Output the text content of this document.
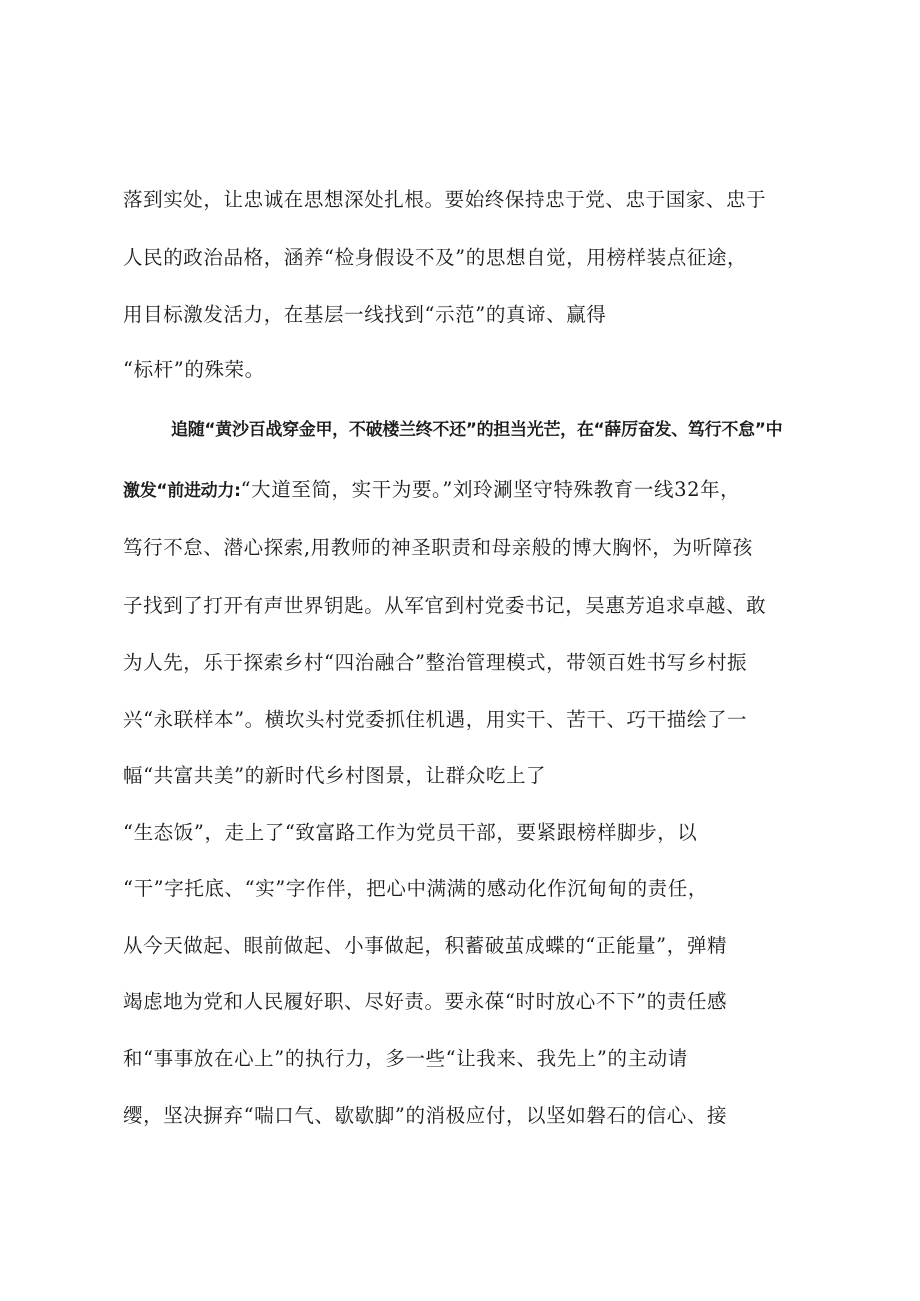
落到实处，让忠诚在思想深处扎根。要始终保持忠于党、忠于国家、忠于
人民的政治品格，涵养“检身假设不及”的思想自觉，用榜样装点征途，
用目标激发活力，在基层一线找到“示范”的真谛、赢得
“标杆”的殊荣。
追随“黄沙百战穿金甲，不破楼兰终不还”的担当光芒，在“薛厉奋发、笃行不怠”中
激发“前进动力:“大道至简，实干为要。”刘玲涮坚守特殊教育一线32年，
笃行不怠、潜心探索,用教师的神圣职责和母亲般的博大胸怀，为听障孩
子找到了打开有声世界钥匙。从军官到村党委书记，吴惠芳追求卓越、敢
为人先，乐于探索乡村“四治融合”整治管理模式，带领百姓书写乡村振
兴“永联样本”。横坎头村党委抓住机遇，用实干、苦干、巧干描绘了一
幅“共富共美”的新时代乡村图景，让群众吃上了
“生态饭”，走上了“致富路工作为党员干部，要紧跟榜样脚步，以
“干”字托底、“实”字作伴，把心中满满的感动化作沉甸甸的责任，
从今天做起、眼前做起、小事做起，积蓄破茧成蝶的“正能量”，弹精
竭虑地为党和人民履好职、尽好责。要永葆“时时放心不下”的责任感
和“事事放在心上”的执行力，多一些“让我来、我先上”的主动请
缨，坚决摒弃“喘口气、歇歇脚”的消极应付，以坚如磐石的信心、接
